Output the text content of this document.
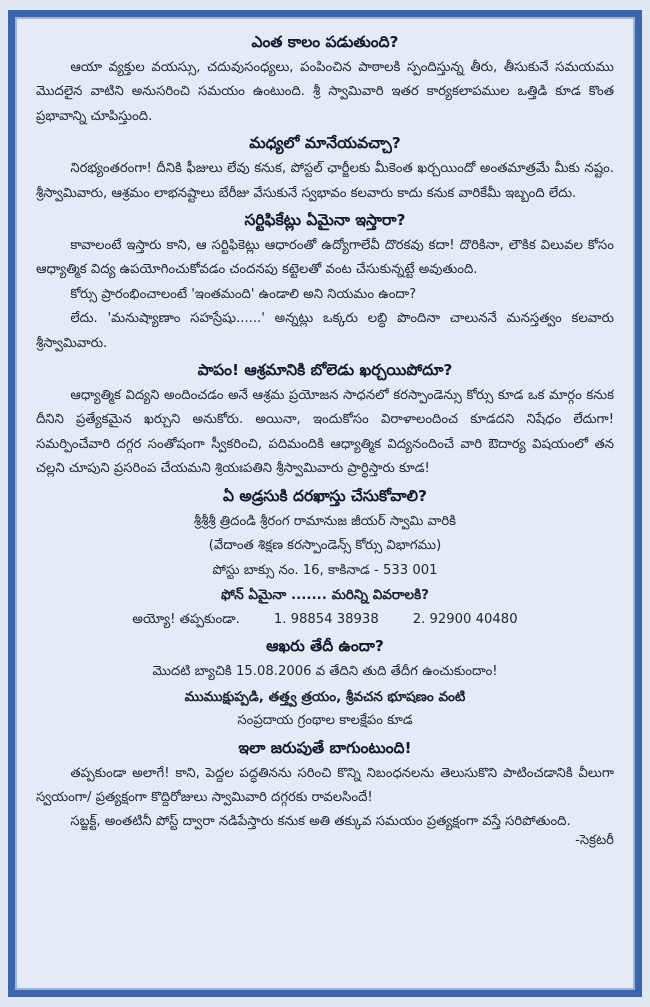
ఎంత కాలం పడుతుంది?

ఆయా వ్యక్తుల వయస్సు, చదువుసంధ్యలు, పంపించిన పాఠాలకి స్పందిస్తున్న తీరు, తీసుకునే సమయము మొదలైన వాటిని అనుసరించి సమయం ఉంటుంది. శ్రీ స్వామివారి ఇతర కార్యకలాపముల ఒత్తిడి కూడ కొంత ప్రభావాన్ని చూపిస్తుంది.

మధ్యలో మానేయవచ్చా?

నిరభ్యంతరంగా! దీనికి ఫీజులు లేవు కనుక, పోస్టల్ ఛార్జీలకు మీకెంత ఖర్చయిందో అంతమాత్రమే మీకు నష్టం. శ్రీస్వామివారు, ఆశ్రమం లాభనష్టాలు బేరీజు వేసుకునే స్వభావం కలవారు కాదు కనుక వారికేమీ ఇబ్బంది లేదు.

సర్టిఫికేట్లు ఏమైనా ఇస్తారా?

కావాలంటే ఇస్తారు కాని, ఆ సర్టిఫికెట్లు ఆధారంతో ఉద్యోగాలేవీ దొరకవు కదా! దొరికినా, లౌకిక విలువల కోసం ఆధ్యాత్మిక విద్య ఉపయోగించుకోవడం చందనపు కట్టెలతో వంట చేసుకున్నట్టే అవుతుంది.

కోర్సు ప్రారంభించాలంటే 'ఇంతమంది' ఉండాలి అని నియమం ఉందా?

లేదు. 'మనుష్యాణాం సహస్రేషు......' అన్నట్లు ఒక్కరు లబ్ధి పొందినా చాలుననే మనస్తత్వం కలవారు శ్రీస్వామివారు.

పాపం! ఆశ్రమానికి బోలెడు ఖర్చయిపోదూ?

ఆధ్యాత్మిక విద్యని అందించడం అనే ఆశ్రమ ప్రయోజన సాధనలో కరస్పాండెన్సు కోర్సు కూడ ఒక మార్గం కనుక దీనిని ప్రత్యేకమైన ఖర్చుని అనుకోరు. అయినా, ఇందుకోసం విరాళాలందించ కూడదని నిషేధం లేదుగా! సమర్పించేవారి దగ్గర సంతోషంగా స్వీకరించి, పదిమందికి ఆధ్యాత్మిక విద్యనందించే వారి ఔదార్య విషయంలో తన చల్లని చూపుని ప్రసరింప చేయమని శ్రియఃపతిని శ్రీస్వామివారు ప్రార్థిస్తారు కూడ!

ఏ అడ్రసుకి దరఖాస్తు చేసుకోవాలి?

శ్రీశ్రీశ్రీ త్రిదండి శ్రీరంగ రామానుజ జీయర్ స్వామి వారికి

(వేదాంత శిక్షణ కరస్పాండెన్స్ కోర్సు విభాగము)

పోస్టు బాక్సు నం. 16, కాకినాడ - 533 001

ఫోన్ ఏమైనా ....... మరిన్ని వివరాలకి?

అయ్యో! తప్పకుండా.	1. 98854 38938	2. 92900 40480
ఆఖరు తేదీ ఉందా?

మొదటి బ్యాచికి 15.08.2006 వ తేదిని తుది తేదీగ ఉంచుకుందాం!

ముముక్షుప్పడి, తత్త్వ త్రయం, శ్రీవచన భూషణం వంటి

సంప్రదాయ గ్రంథాల కాలక్షేపం కూడ

ఇలా జరుపుతే బాగుంటుంది!

తప్పకుండా అలాగే! కాని, పెద్దల పద్ధతినను సరించి కొన్ని నిబంధనలను తెలుసుకొని పాటించడానికి వీలుగా స్వయంగా/ ప్రత్యక్షంగా కొద్దిరోజులు స్వామివారి దగ్గరకు రావలసిందే!

సబ్జక్ట్, అంతటినీ పోస్ట్ ద్వారా నడిపేస్తారు కనుక అతి తక్కువ సమయం ప్రత్యక్షంగా వస్తే సరిపోతుంది.

-సెక్రటరీ
